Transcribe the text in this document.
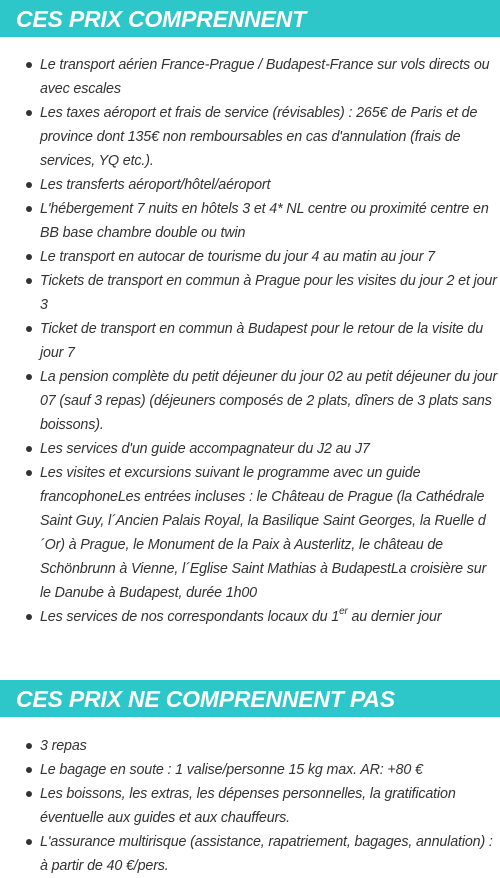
CES PRIX COMPRENNENT
Le transport aérien France-Prague / Budapest-France sur vols directs ou avec escales
Les taxes aéroport et frais de service (révisables) : 265€ de Paris et de province dont 135€ non remboursables en cas d'annulation (frais de services, YQ etc.).
Les transferts aéroport/hôtel/aéroport
L'hébergement 7 nuits en hôtels 3 et 4* NL centre ou proximité centre en BB base chambre double ou twin
Le transport en autocar de tourisme du jour 4 au matin au jour 7
Tickets de transport en commun à Prague pour les visites du jour 2 et jour 3
Ticket de transport en commun à Budapest pour le retour de la visite du jour 7
La pension complète du petit déjeuner du jour 02 au petit déjeuner du jour 07 (sauf 3 repas) (déjeuners composés de 2 plats, dîners de 3 plats sans boissons).
Les services d'un guide accompagnateur du J2 au J7
Les visites et excursions suivant le programme avec un guide francophoneLes entrées incluses : le Château de Prague (la Cathédrale Saint Guy, l´Ancien Palais Royal, la Basilique Saint Georges, la Ruelle d´Or) à Prague, le Monument de la Paix à Austerlitz, le château de Schönbrunn à Vienne, l´Eglise Saint Mathias à BudapestLa croisière sur le Danube à Budapest, durée 1h00
Les services de nos correspondants locaux du 1er au dernier jour
CES PRIX NE COMPRENNENT PAS
3 repas
Le bagage en soute : 1 valise/personne 15 kg max. AR: +80 €
Les boissons, les extras, les dépenses personnelles, la gratification éventuelle aux guides et aux chauffeurs.
L'assurance multirisque (assistance, rapatriement, bagages, annulation) : à partir de 40 €/pers.
